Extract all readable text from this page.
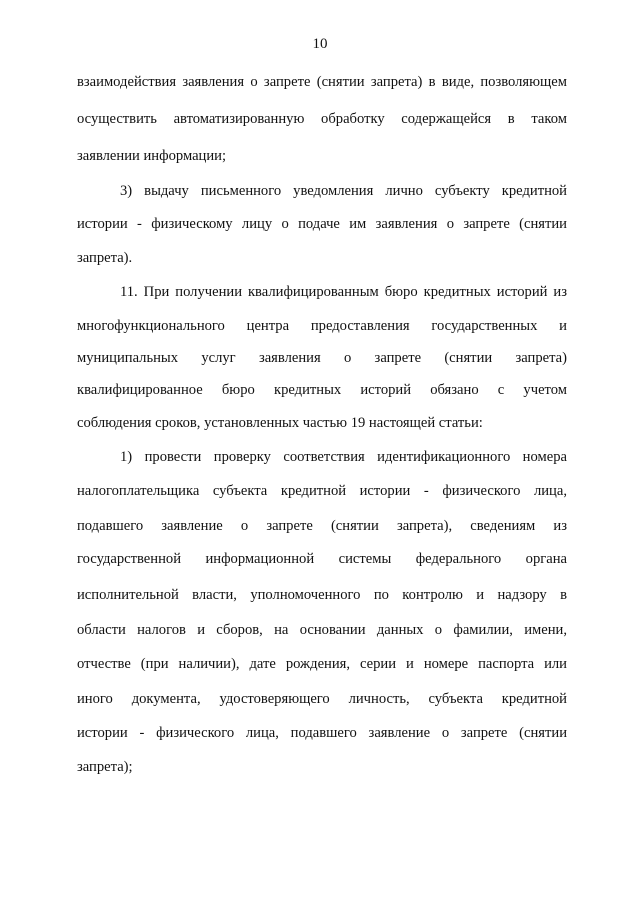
10
взаимодействия заявления о запрете (снятии запрета) в виде, позволяющем
осуществить автоматизированную обработку содержащейся в таком
заявлении информации;
3) выдачу письменного уведомления лично субъекту кредитной
истории - физическому лицу о подаче им заявления о запрете (снятии
запрета).
11. При получении квалифицированным бюро кредитных историй из
многофункционального центра предоставления государственных и
муниципальных услуг заявления о запрете (снятии запрета)
квалифицированное бюро кредитных историй обязано с учетом
соблюдения сроков, установленных частью 19 настоящей статьи:
1) провести проверку соответствия идентификационного номера
налогоплательщика субъекта кредитной истории - физического лица,
подавшего заявление о запрете (снятии запрета), сведениям из
государственной информационной системы федерального органа
исполнительной власти, уполномоченного по контролю и надзору в
области налогов и сборов, на основании данных о фамилии, имени,
отчестве (при наличии), дате рождения, серии и номере паспорта или
иного документа, удостоверяющего личность, субъекта кредитной
истории - физического лица, подавшего заявление о запрете (снятии
запрета);
